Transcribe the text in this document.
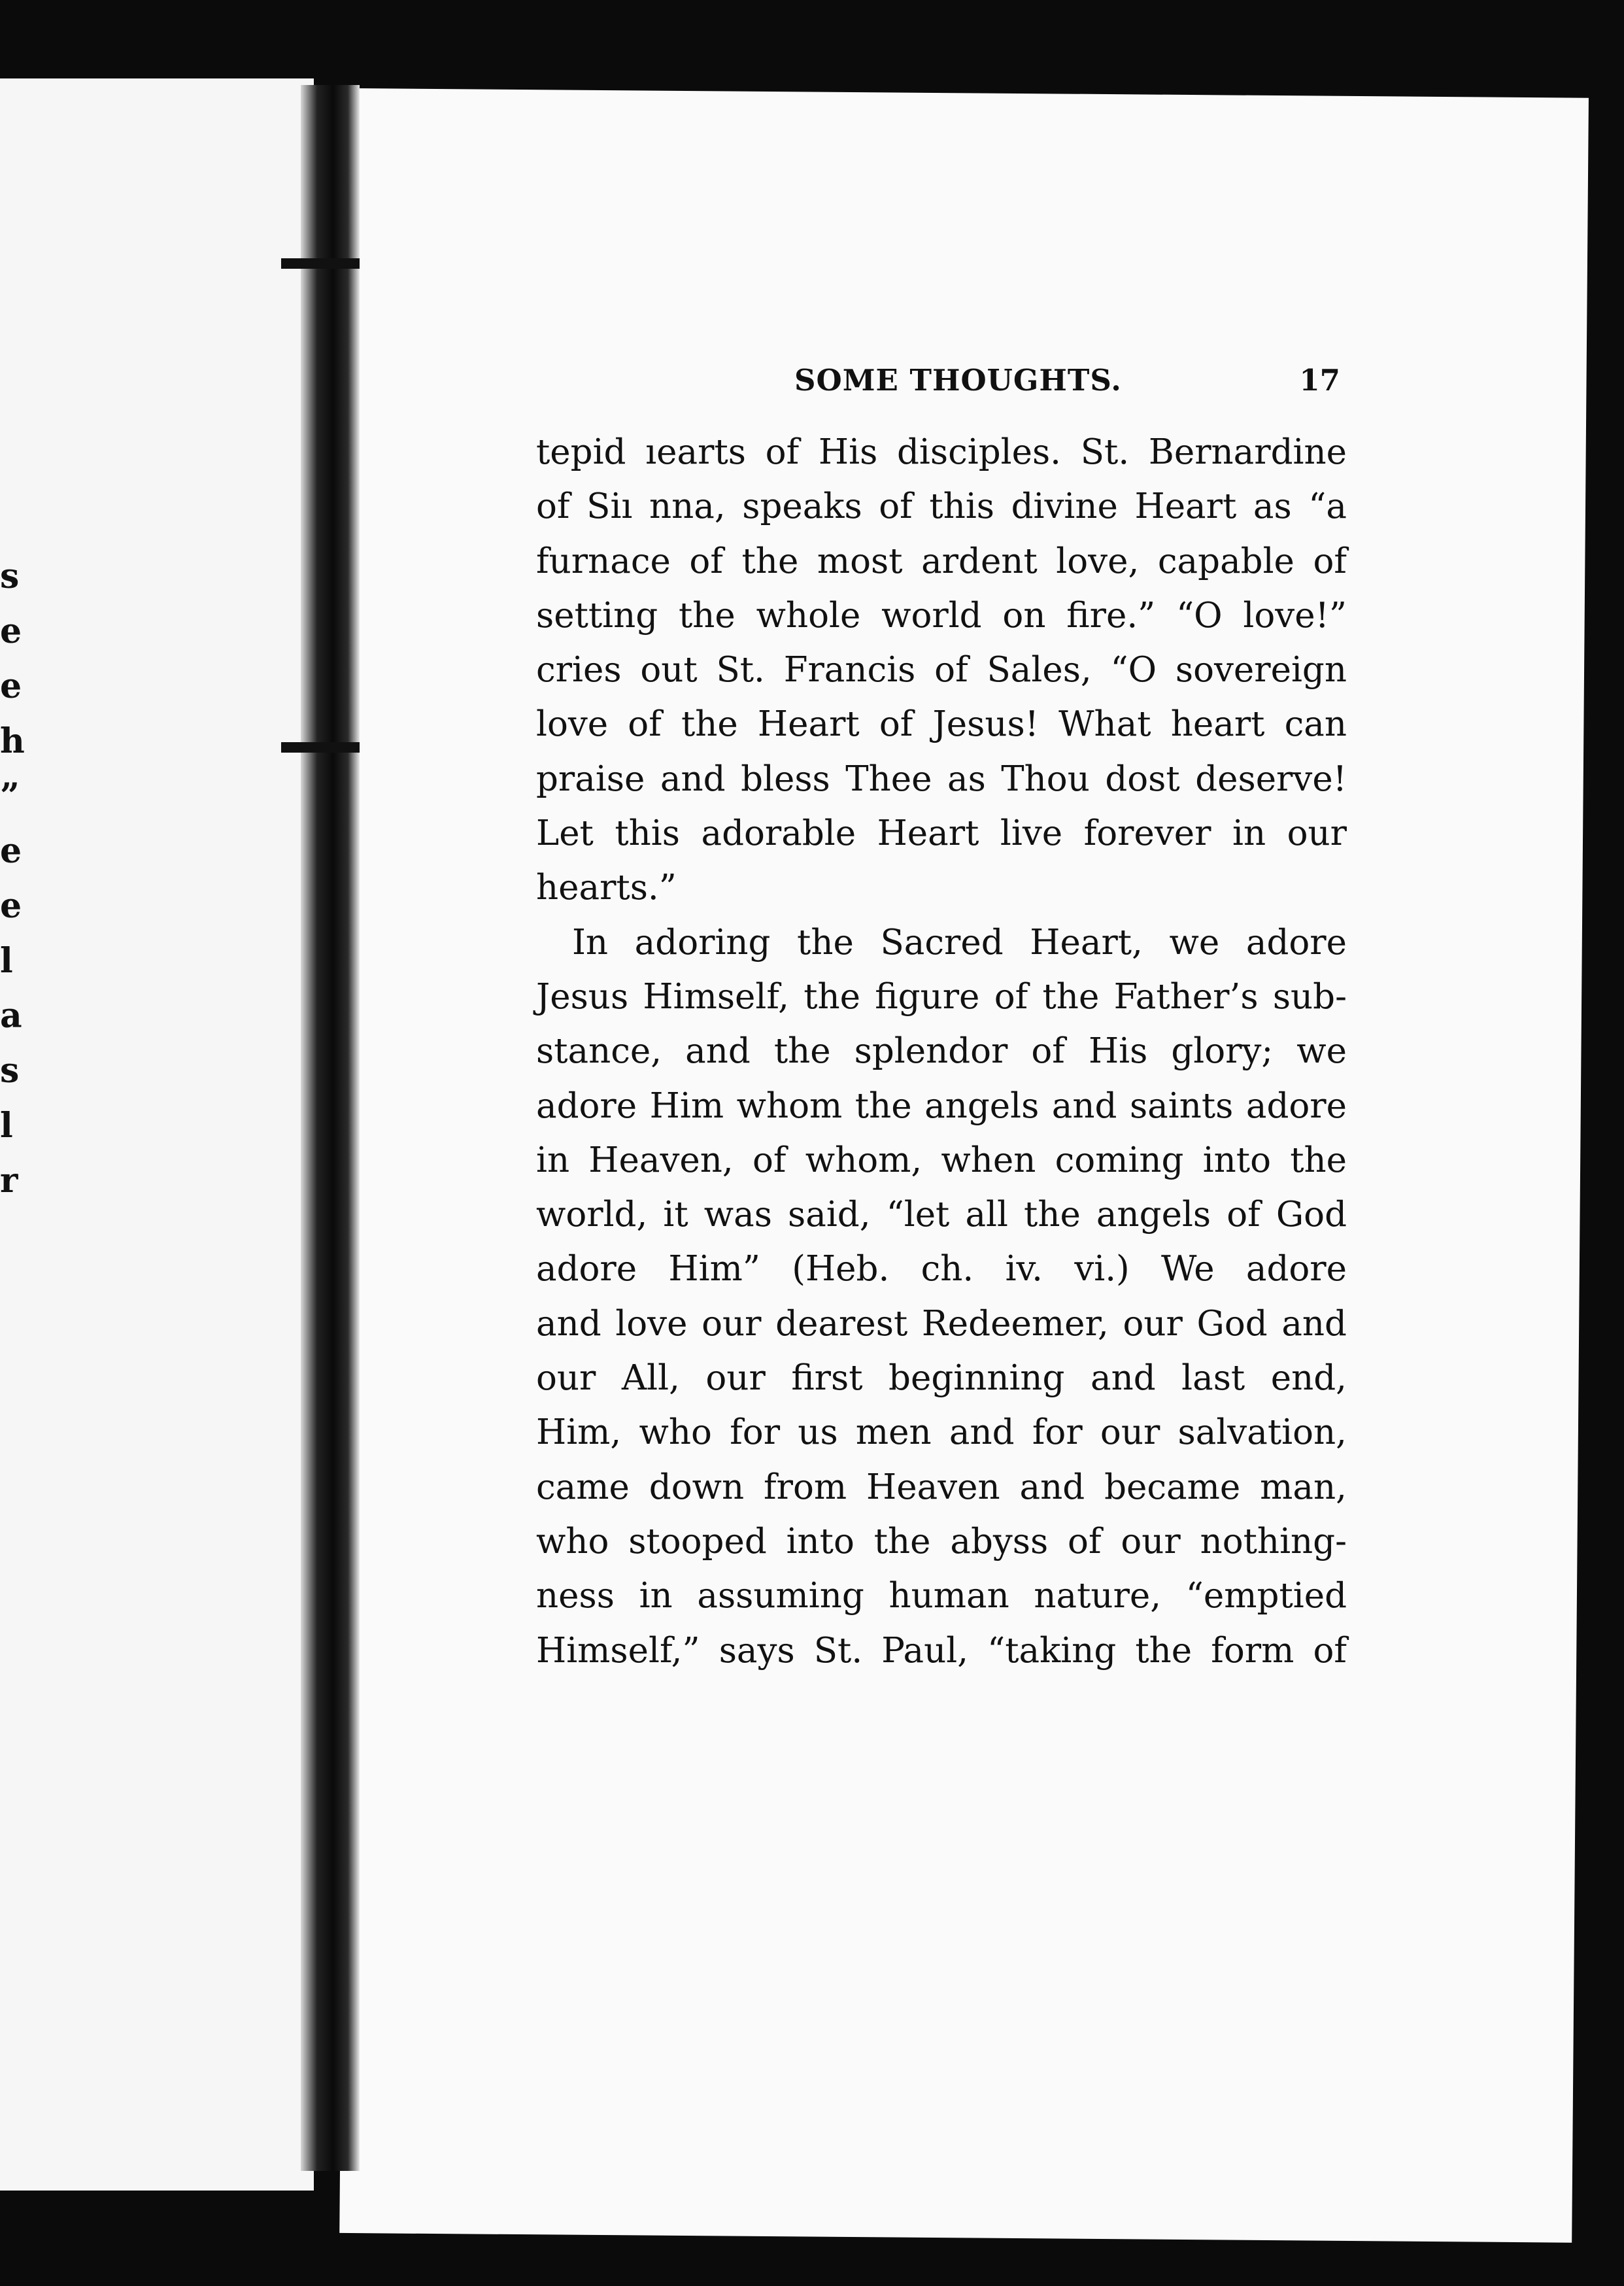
s
e
e
h
”
e
e
l
a
s
l
r
SOME THOUGHTS.	17
tepid ıearts of His disciples. St. Bernardine
of Siı nna, speaks of this divine Heart as “a
furnace of the most ardent love, capable of
setting the whole world on fire.” “O love!”
cries out St. Francis of Sales, “O sovereign
love of the Heart of Jesus! What heart can
praise and bless Thee as Thou dost deserve!
Let this adorable Heart live forever in our
hearts.”
In adoring the Sacred Heart, we adore
Jesus Himself, the figure of the Father’s sub-
stance, and the splendor of His glory; we
adore Him whom the angels and saints adore
in Heaven, of whom, when coming into the
world, it was said, “let all the angels of God
adore Him” (Heb. ch. iv. vi.) We adore
and love our dearest Redeemer, our God and
our All, our first beginning and last end,
Him, who for us men and for our salvation,
came down from Heaven and became man,
who stooped into the abyss of our nothing-
ness in assuming human nature, “emptied
Himself,” says St. Paul, “taking the form of
